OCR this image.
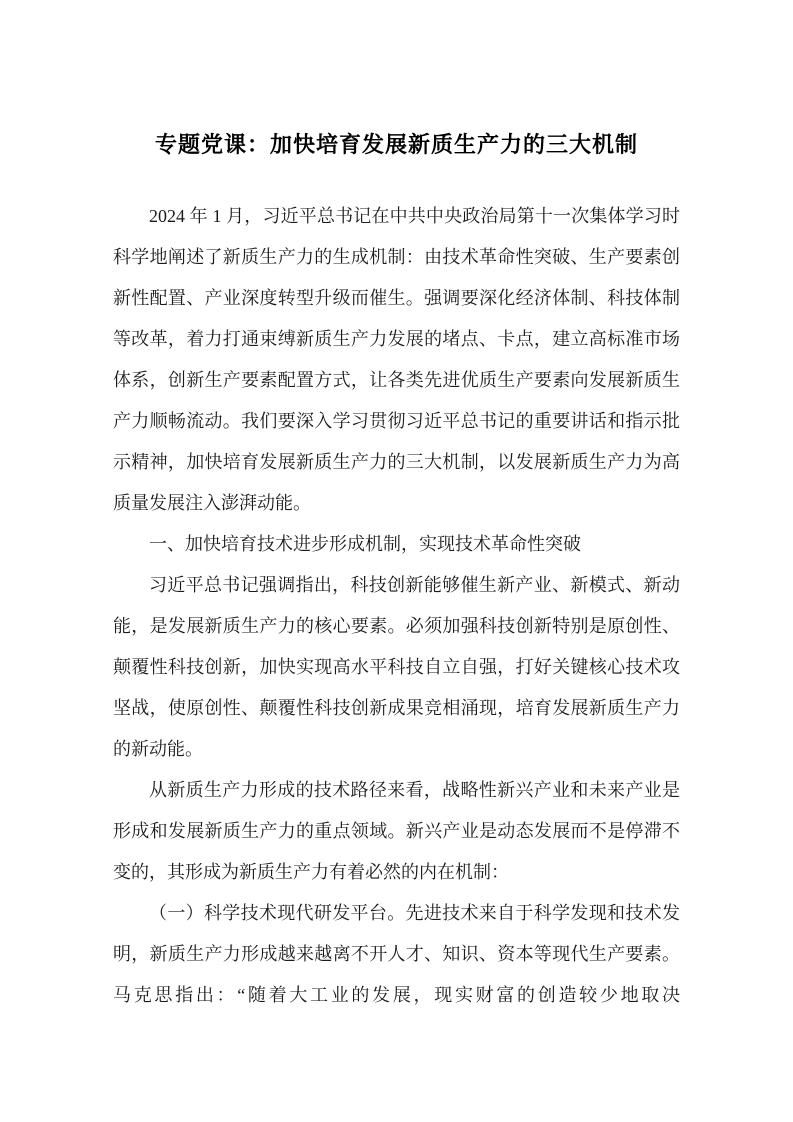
专题党课：加快培育发展新质生产力的三大机制

2024 年 1 月，习近平总书记在中共中央政治局第十一次集体学习时科学地阐述了新质生产力的生成机制：由技术革命性突破、生产要素创新性配置、产业深度转型升级而催生。强调要深化经济体制、科技体制等改革，着力打通束缚新质生产力发展的堵点、卡点，建立高标准市场体系，创新生产要素配置方式，让各类先进优质生产要素向发展新质生产力顺畅流动。我们要深入学习贯彻习近平总书记的重要讲话和指示批示精神，加快培育发展新质生产力的三大机制，以发展新质生产力为高质量发展注入澎湃动能。

一、加快培育技术进步形成机制，实现技术革命性突破

习近平总书记强调指出，科技创新能够催生新产业、新模式、新动能，是发展新质生产力的核心要素。必须加强科技创新特别是原创性、颠覆性科技创新，加快实现高水平科技自立自强，打好关键核心技术攻坚战，使原创性、颠覆性科技创新成果竞相涌现，培育发展新质生产力的新动能。

从新质生产力形成的技术路径来看，战略性新兴产业和未来产业是形成和发展新质生产力的重点领域。新兴产业是动态发展而不是停滞不变的，其形成为新质生产力有着必然的内在机制：

（一）科学技术现代研发平台。先进技术来自于科学发现和技术发明，新质生产力形成越来越离不开人才、知识、资本等现代生产要素。马克思指出：“随着大工业的发展，现实财富的创造较少地取决
